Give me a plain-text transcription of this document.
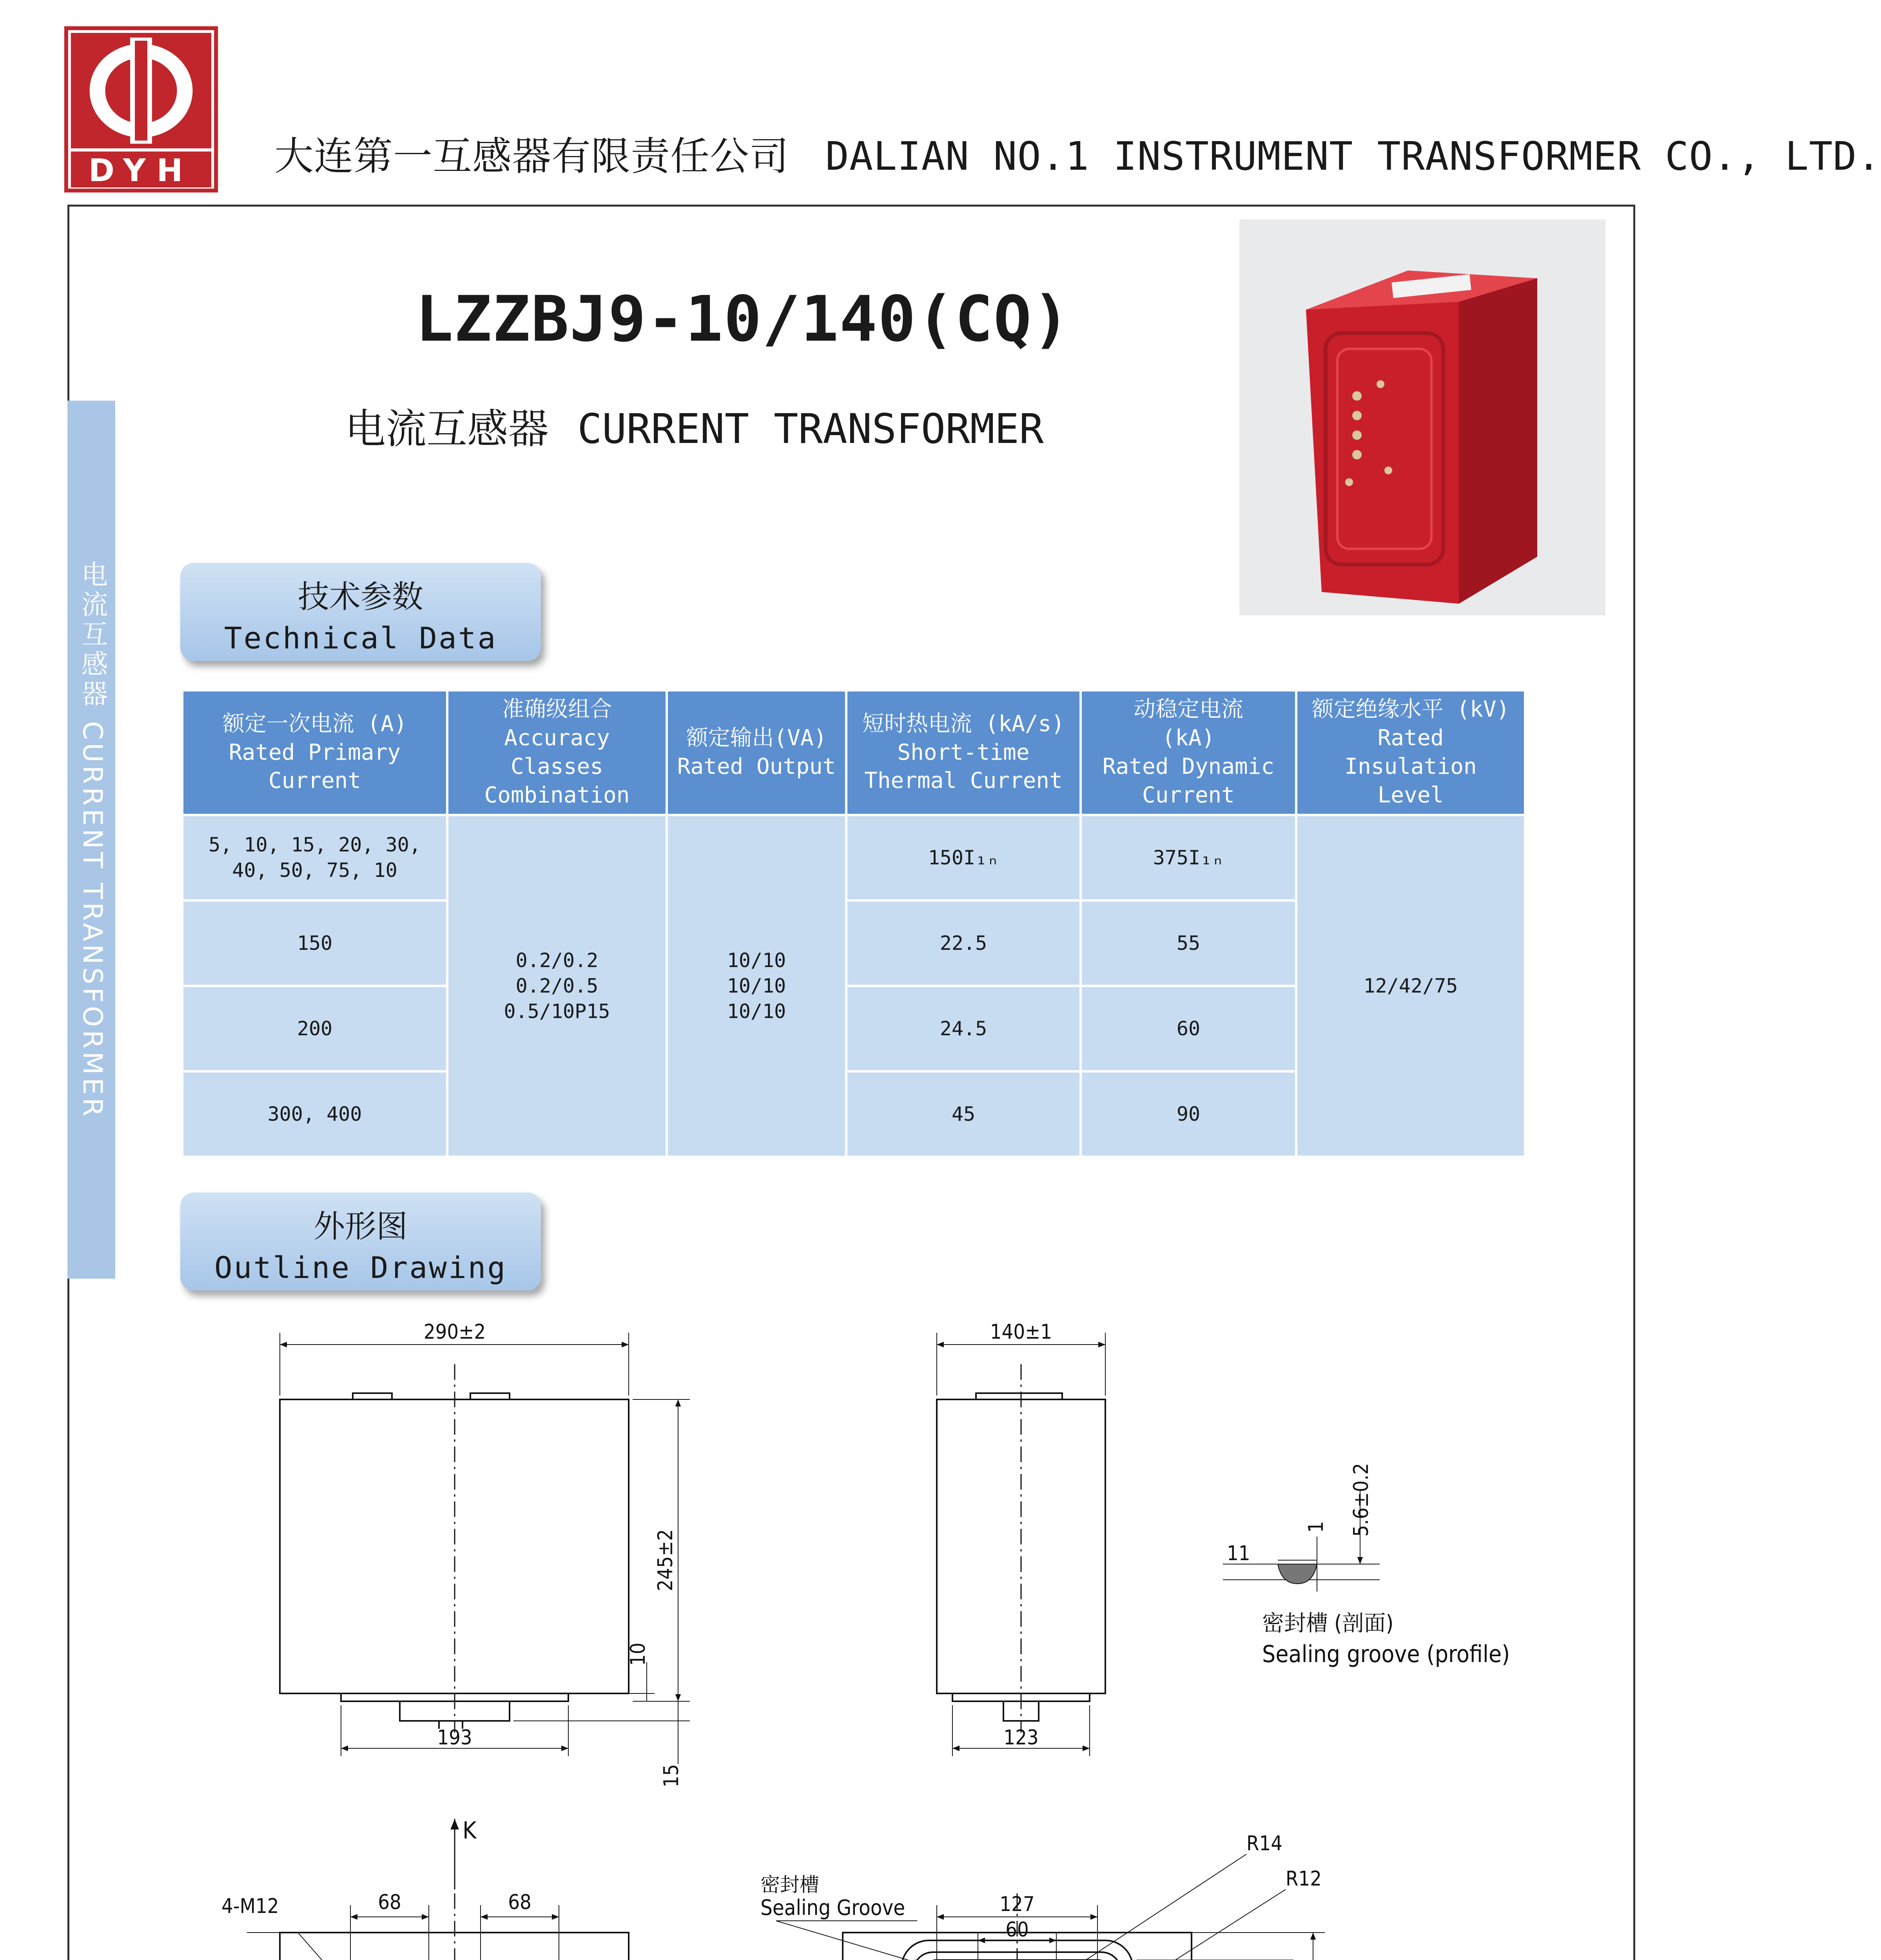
DYH 大连第一互感器有限责任公司 DALIAN NO.1 INSTRUMENT TRANSFORMER CO., LTD.
电流互感器 CURRENT TRANSFORMER
LZZBJ9-10/140(CQ)
电流互感器 CURRENT TRANSFORMER
技术参数
Technical Data
额定一次电流 (A)
Rated Primary Current
准确级组合
Accuracy Classes Combination
额定输出(VA)
Rated Output
短时热电流 (kA/s)
Short-time Thermal Current
动稳定电流 (kA)
Rated Dynamic Current
额定绝缘水平 (kV)
Rated Insulation Level
5, 10, 15, 20, 30, 40, 50, 75, 10
150
200
300, 400
0.2/0.2
0.2/0.5
0.5/10P15
10/10
10/10
10/10
150I₁ₙ
22.5
24.5
45
375I₁ₙ
55
60
90
12/42/75
外形图
Outline Drawing
290±2
245±2
10
15
193
140±1
123
11
1 5.6±0.2
密封槽 (剖面)
Sealing groove (profile)
K
4-M12	68	68
密封槽
Sealing Groove
R14
R12
127
60
